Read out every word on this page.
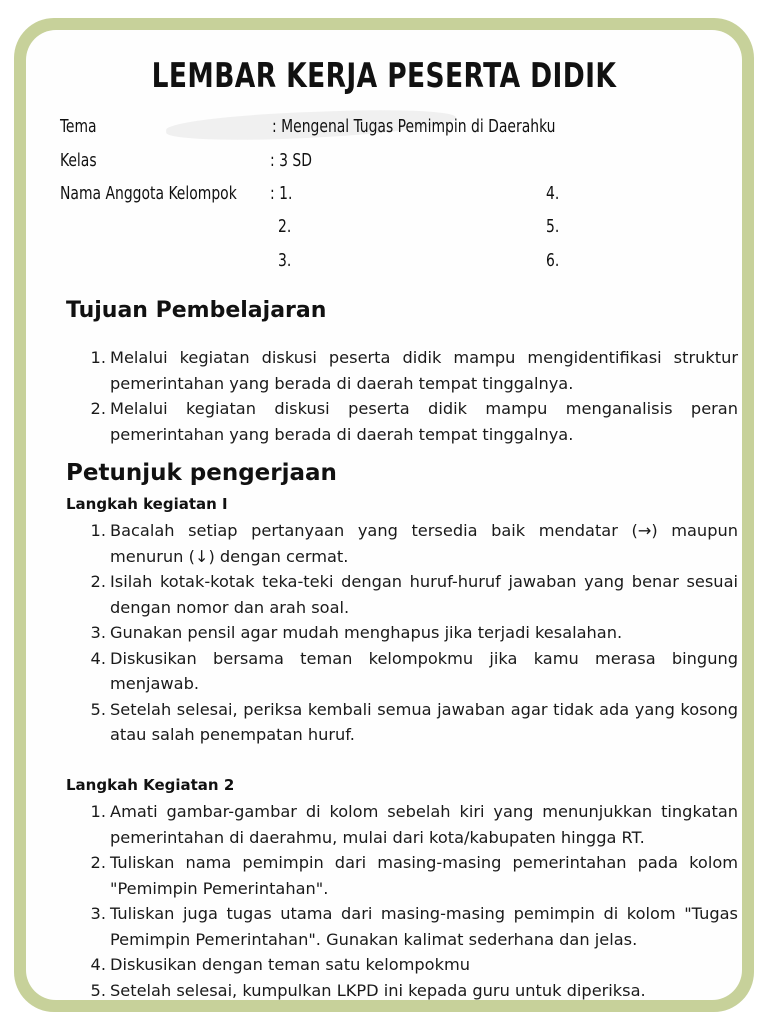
LEMBAR KERJA PESERTA DIDIK
Tema	: Mengenal Tugas Pemimpin di Daerahku
Kelas	: 3 SD
Nama Anggota Kelompok : 1.	4.
2.	5.
3.	6.
Tujuan Pembelajaran
1. Melalui kegiatan diskusi peserta didik mampu mengidentifikasi struktur pemerintahan yang berada di daerah tempat tinggalnya.
2. Melalui kegiatan diskusi peserta didik mampu menganalisis peran pemerintahan yang berada di daerah tempat tinggalnya.
Petunjuk pengerjaan
Langkah kegiatan I
1. Bacalah setiap pertanyaan yang tersedia baik mendatar (→) maupun menurun (↓) dengan cermat.
2. Isilah kotak-kotak teka-teki dengan huruf-huruf jawaban yang benar sesuai dengan nomor dan arah soal.
3. Gunakan pensil agar mudah menghapus jika terjadi kesalahan.
4. Diskusikan bersama teman kelompokmu jika kamu merasa bingung menjawab.
5. Setelah selesai, periksa kembali semua jawaban agar tidak ada yang kosong atau salah penempatan huruf.
Langkah Kegiatan 2
1. Amati gambar-gambar di kolom sebelah kiri yang menunjukkan tingkatan pemerintahan di daerahmu, mulai dari kota/kabupaten hingga RT.
2. Tuliskan nama pemimpin dari masing-masing pemerintahan pada kolom "Pemimpin Pemerintahan".
3. Tuliskan juga tugas utama dari masing-masing pemimpin di kolom "Tugas Pemimpin Pemerintahan". Gunakan kalimat sederhana dan jelas.
4. Diskusikan dengan teman satu kelompokmu
5. Setelah selesai, kumpulkan LKPD ini kepada guru untuk diperiksa.
